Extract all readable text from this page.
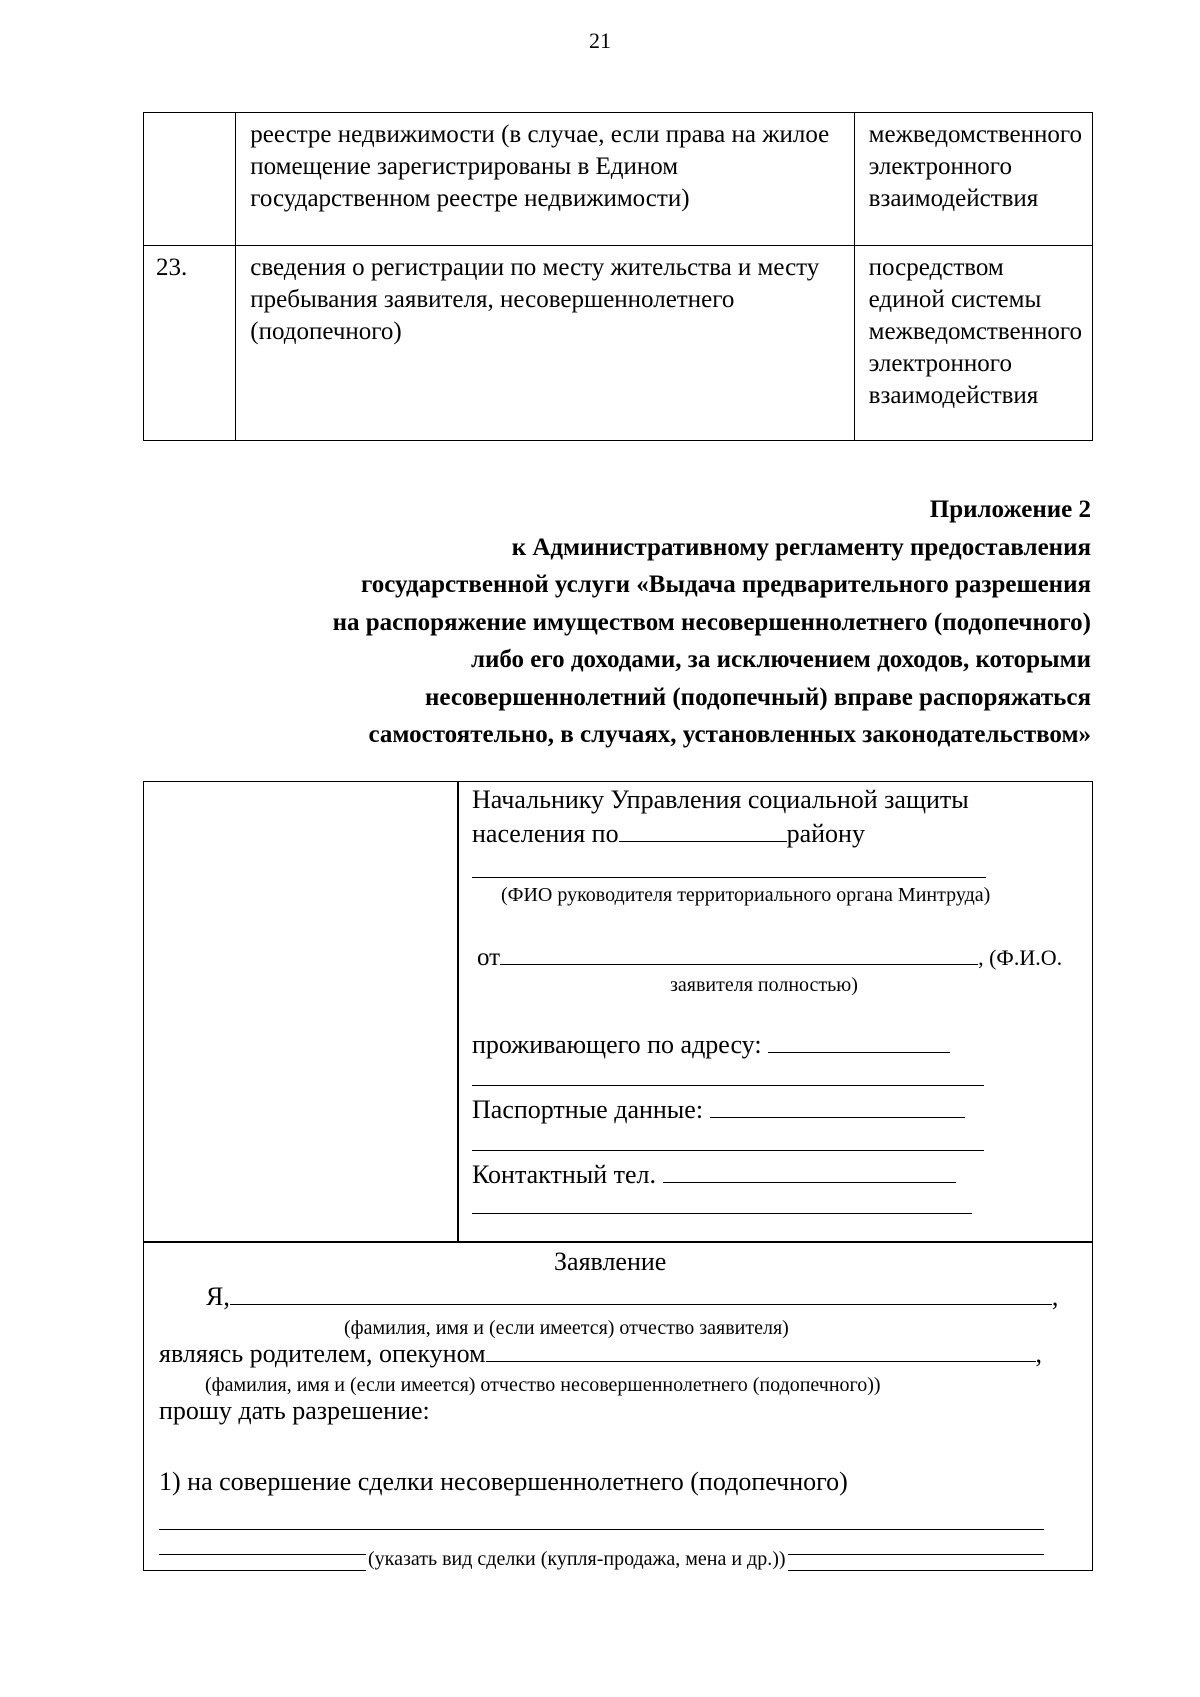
21
	реестре недвижимости (в случае, если права на жилое помещение зарегистрированы в Едином государственном реестре недвижимости)	межведомственного электронного взаимодействия
23.	сведения о регистрации по месту жительства и месту пребывания заявителя, несовершеннолетнего (подопечного)	посредством единой системы межведомственного электронного взаимодействия
Приложение 2
к Административному регламенту предоставления
государственной услуги «Выдача предварительного разрешения
на распоряжение имуществом несовершеннолетнего (подопечного)
либо его доходами, за исключением доходов, которыми
несовершеннолетний (подопечный) вправе распоряжаться
самостоятельно, в случаях, установленных законодательством»
Начальнику Управления социальной защиты
населения по	району
(ФИО руководителя территориального органа Минтруда)
от	, (Ф.И.О.
заявителя полностью)
проживающего по адресу:
Паспортные данные:
Контактный тел.
Заявление
Я,	,
(фамилия, имя и (если имеется) отчество заявителя)
являясь родителем, опекуном	,
(фамилия, имя и (если имеется) отчество несовершеннолетнего (подопечного))
прошу дать разрешение:
1) на совершение сделки несовершеннолетнего (подопечного)
(указать вид сделки (купля-продажа, мена и др.))
